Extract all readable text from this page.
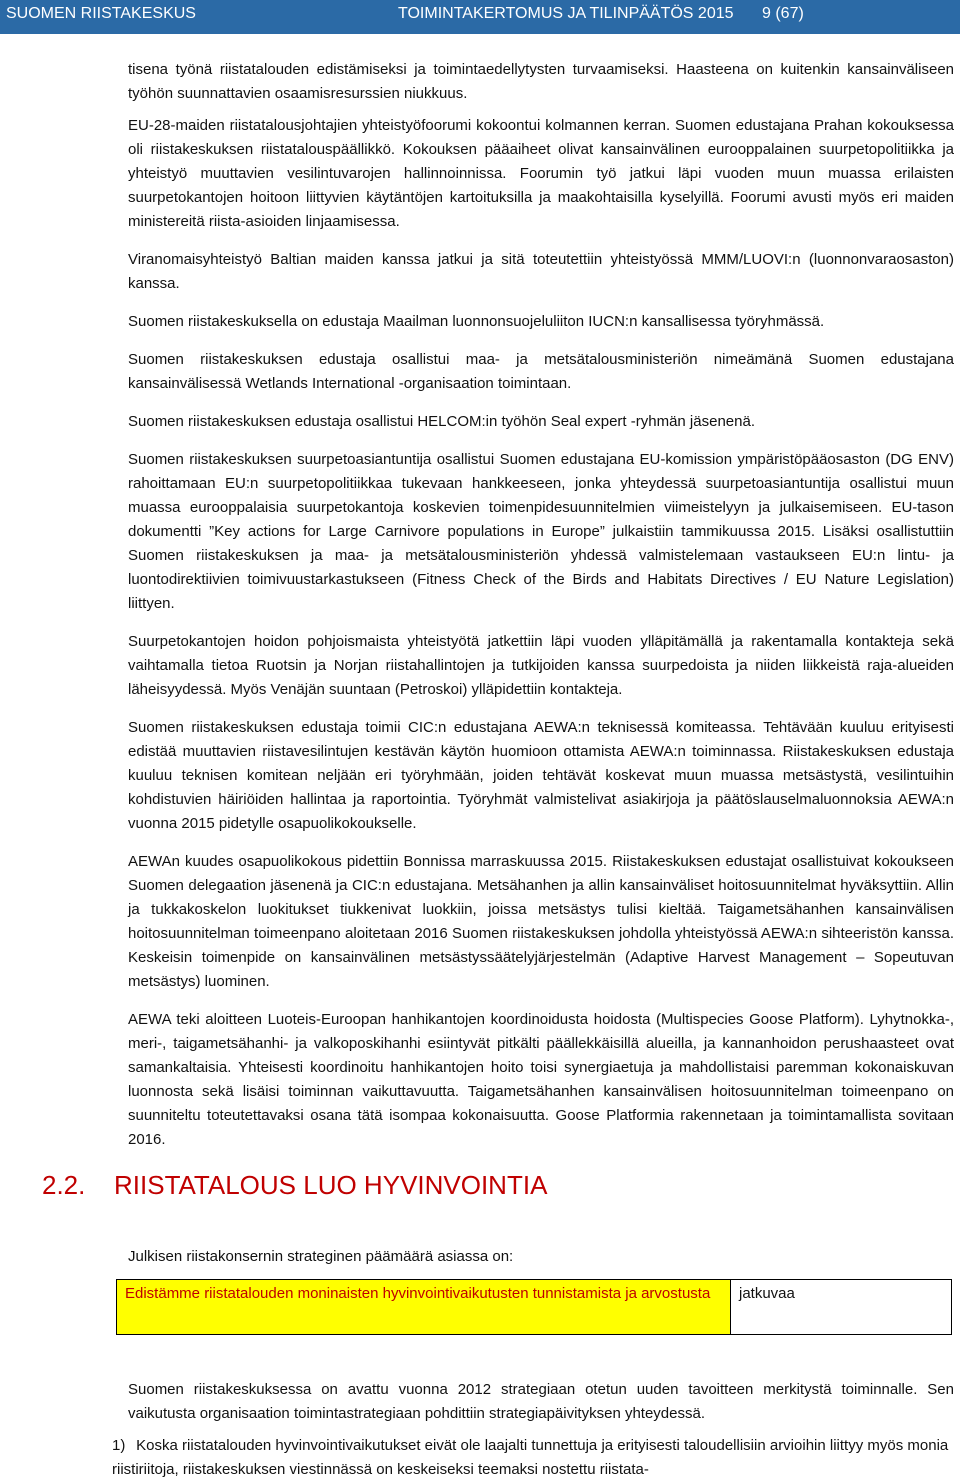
SUOMEN RIISTAKESKUS	TOIMINTAKERTOMUS JA TILINPÄÄTÖS 2015 9 (67)

tisena työnä riistatalouden edistämiseksi ja toimintaedellytysten turvaamiseksi. Haasteena on kuitenkin kansainväliseen työhön suunnattavien osaamisresurssien niukkuus.

EU-28-maiden riistatalousjohtajien yhteistyöfoorumi kokoontui kolmannen kerran. Suomen edustajana Prahan kokouksessa oli riistakeskuksen riistatalouspäällikkö. Kokouksen pääaiheet olivat kansainvälinen eurooppalainen suurpetopolitiikka ja yhteistyö muuttavien vesilintuvarojen hallinnoinnissa. Foorumin työ jatkui läpi vuoden muun muassa erilaisten suurpetokantojen hoitoon liittyvien käytäntöjen kartoituksilla ja maakohtaisilla kyselyillä. Foorumi avusti myös eri maiden ministereitä riista-asioiden linjaamisessa.

Viranomaisyhteistyö Baltian maiden kanssa jatkui ja sitä toteutettiin yhteistyössä MMM/LUOVI:n (luonnonvaraosaston) kanssa.

Suomen riistakeskuksella on edustaja Maailman luonnonsuojeluliiton IUCN:n kansallisessa työryhmässä.

Suomen riistakeskuksen edustaja osallistui maa- ja metsätalousministeriön nimeämänä Suomen edustajana kansainvälisessä Wetlands International -organisaation toimintaan.

Suomen riistakeskuksen edustaja osallistui HELCOM:in työhön Seal expert -ryhmän jäsenenä.

Suomen riistakeskuksen suurpetoasiantuntija osallistui Suomen edustajana EU-komission ympäristöpääosaston (DG ENV) rahoittamaan EU:n suurpetopolitiikkaa tukevaan hankkeeseen, jonka yhteydessä suurpetoasiantuntija osallistui muun muassa eurooppalaisia suurpetokantoja koskevien toimenpidesuunnitelmien viimeistelyyn ja julkaisemiseen. EU-tason dokumentti ”Key actions for Large Carnivore populations in Europe” julkaistiin tammikuussa 2015. Lisäksi osallistuttiin Suomen riistakeskuksen ja maa- ja metsätalousministeriön yhdessä valmistelemaan vastaukseen EU:n lintu- ja luontodirektiivien toimivuustarkastukseen (Fitness Check of the Birds and Habitats Directives / EU Nature Legislation) liittyen.

Suurpetokantojen hoidon pohjoismaista yhteistyötä jatkettiin läpi vuoden ylläpitämällä ja rakentamalla kontakteja sekä vaihtamalla tietoa Ruotsin ja Norjan riistahallintojen ja tutkijoiden kanssa suurpedoista ja niiden liikkeistä raja-alueiden läheisyydessä. Myös Venäjän suuntaan (Petroskoi) ylläpidettiin kontakteja.

Suomen riistakeskuksen edustaja toimii CIC:n edustajana AEWA:n teknisessä komiteassa. Tehtävään kuuluu erityisesti edistää muuttavien riistavesilintujen kestävän käytön huomioon ottamista AEWA:n toiminnassa. Riistakeskuksen edustaja kuuluu teknisen komitean neljään eri työryhmään, joiden tehtävät koskevat muun muassa metsästystä, vesilintuihin kohdistuvien häiriöiden hallintaa ja raportointia. Työryhmät valmistelivat asiakirjoja ja päätöslauselmaluonnoksia AEWA:n vuonna 2015 pidetylle osapuolikokoukselle.

AEWAn kuudes osapuolikokous pidettiin Bonnissa marraskuussa 2015. Riistakeskuksen edustajat osallistuivat kokoukseen Suomen delegaation jäsenenä ja CIC:n edustajana. Metsähanhen ja allin kansainväliset hoitosuunnitelmat hyväksyttiin. Allin ja tukkakoskelon luokitukset tiukkenivat luokkiin, joissa metsästys tulisi kieltää. Taigametsähanhen kansainvälisen hoitosuunnitelman toimeenpano aloitetaan 2016 Suomen riistakeskuksen johdolla yhteistyössä AEWA:n sihteeristön kanssa. Keskeisin toimenpide on kansainvälinen metsästyssäätelyjärjestelmän (Adaptive Harvest Management – Sopeutuvan metsästys) luominen.

AEWA teki aloitteen Luoteis-Euroopan hanhikantojen koordinoidusta hoidosta (Multispecies Goose Platform). Lyhytnokka-, meri-, taigametsähanhi- ja valkoposkihanhi esiintyvät pitkälti päällekkäisillä alueilla, ja kannanhoidon perushaasteet ovat samankaltaisia. Yhteisesti koordinoitu hanhikantojen hoito toisi synergiaetuja ja mahdollistaisi paremman kokonaiskuvan luonnosta sekä lisäisi toiminnan vaikuttavuutta. Taigametsähanhen kansainvälisen hoitosuunnitelman toimeenpano on suunniteltu toteutettavaksi osana tätä isompaa kokonaisuutta. Goose Platformia rakennetaan ja toimintamallista sovitaan 2016.

2.2. RIISTATALOUS LUO HYVINVOINTIA

Julkisen riistakonsernin strateginen päämäärä asiassa on:

Edistämme riistatalouden moninaisten hyvinvointivaikutusten tunnistamista ja arvostusta	jatkuvaa

Suomen riistakeskuksessa on avattu vuonna 2012 strategiaan otetun uuden tavoitteen merkitystä toiminnalle. Sen vaikutusta organisaation toimintastrategiaan pohdittiin strategiapäivityksen yhteydessä.

1) Koska riistatalouden hyvinvointivaikutukset eivät ole laajalti tunnettuja ja erityisesti taloudellisiin arvioihin liittyy myös monia riistiriitoja, riistakeskuksen viestinnässä on keskeiseksi teemaksi nostettu riistata-
